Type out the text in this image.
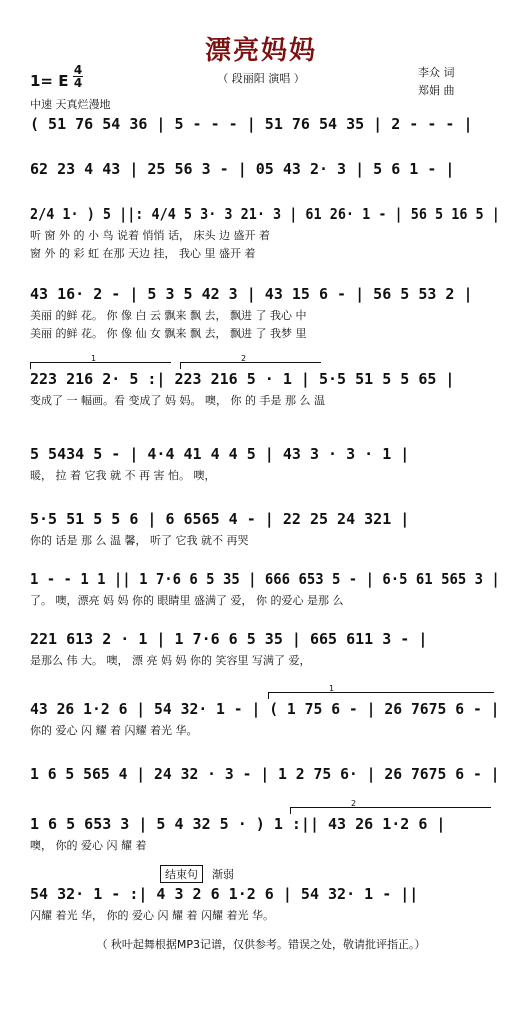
漂亮妈妈
（ 段丽阳 演唱 ）	李众 词
郑娟 曲
1= E
4
4
中速 天真烂漫地
( 51 76 54 36 | 5 - - - | 51 76 54 35 | 2 - - - |
62 23 4 43 | 25 56 3 - | 05 43 2· 3 | 5 6 1 - |
2/4 1· ) 5 ||: 4/4 5 3· 3 21· 3 | 61 26· 1 - | 56 5 16 5 |
听 窗 外 的 小 鸟 说着 悄悄 话， 床头 边 盛开 着
窗 外 的 彩 虹 在那 天边 挂， 我心 里 盛开 着
43 16· 2 - | 5 3 5 42 3 | 43 15 6 - | 56 5 53 2 |
美丽 的鲜 花。 你 像 白 云 飘来 飘 去， 飘进 了 我心 中
美丽 的鲜 花。 你 像 仙 女 飘来 飘 去， 飘进 了 我梦 里
223 216 2· 5 :| 223 216 5 · 1 | 5·5 51 5 5 65 |
1	2
变成了 一 幅画。看 变成了 妈 妈。 噢， 你 的 手是 那 么 温
5 5434 5 - | 4·4 41 4 4 5 | 43 3 · 3 · 1 |
暖， 拉 着 它我 就 不 再 害 怕。 噢，
5·5 51 5 5 6 | 6 6565 4 - | 22 25 24 321 |
你的 话是 那 么 温 馨， 听了 它我 就不 再哭
1 - - 1 1 || 1 7·6 6 5 35 | 666 653 5 - | 6·5 61 565 3 |
了。 噢，漂亮 妈 妈 你的 眼睛里 盛满了 爱， 你 的爱心 是那 么
221 613 2 · 1 | 1 7·6 6 5 35 | 665 611 3 - |
是那么 伟 大。 噢， 漂 亮 妈 妈 你的 笑容里 写满了 爱，
43 26 1·2 6 | 54 32· 1 - | ( 1 75 6 - | 26 7675 6 - |
1
你的 爱心 闪 耀 着 闪耀 着光 华。
1 6 5 565 4 | 24 32 · 3 - | 1 2 75 6· | 26 7675 6 - |
1 6 5 653 3 | 5 4 32 5 · ) 1 :|| 43 26 1·2 6 |
2
噢， 你的 爱心 闪 耀 着
54 32· 1 - :| 4 3 2 6 1·2 6 | 54 32· 1 - ||
结束句	渐弱
闪耀 着光 华， 你的 爱心 闪 耀 着 闪耀 着光 华。
（ 秋叶起舞根据MP3记谱，仅供参考。错误之处，敬请批评指正。）
